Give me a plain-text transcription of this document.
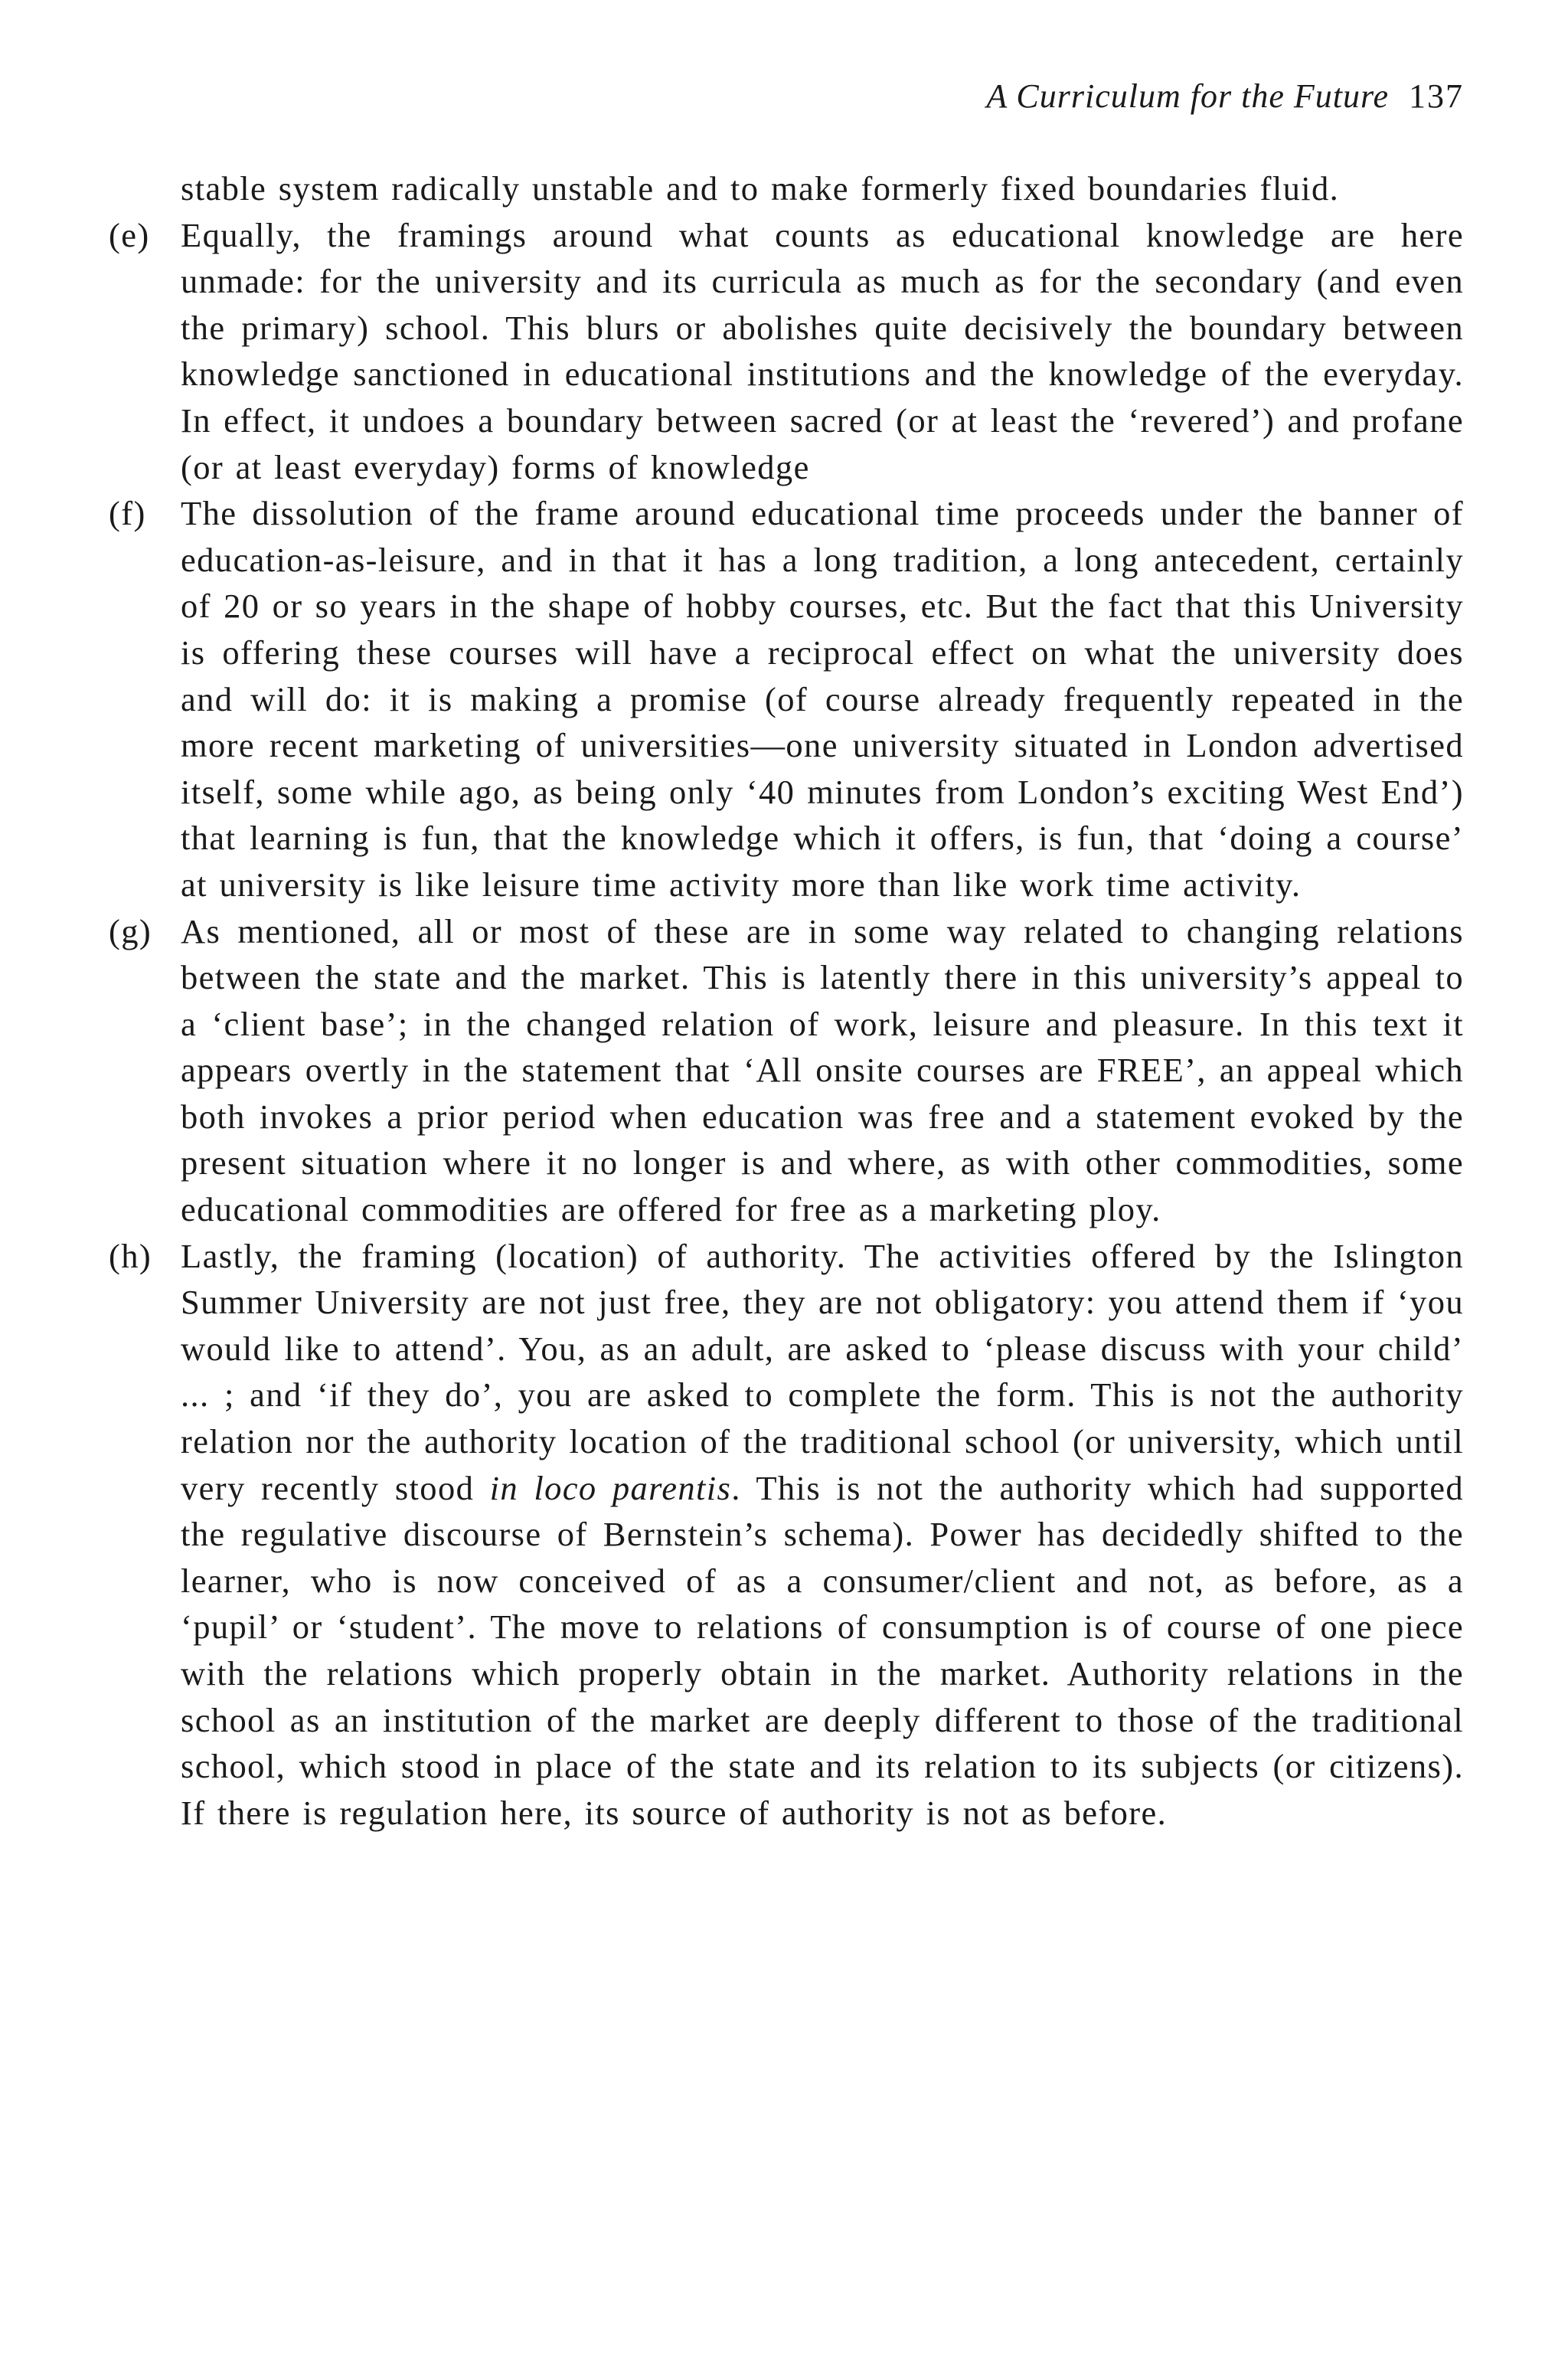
A Curriculum for the Future 137

stable system radically unstable and to make formerly fixed boundaries fluid.

(e) Equally, the framings around what counts as educational knowledge are here unmade: for the university and its curricula as much as for the secondary (and even the primary) school. This blurs or abolishes quite decisively the boundary between knowledge sanctioned in educational institutions and the knowledge of the everyday. In effect, it undoes a boundary between sacred (or at least the ‘revered’) and profane (or at least everyday) forms of knowledge

(f)	The dissolution of the frame around educational time proceeds under the banner of education-as-leisure, and in that it has a long tradition, a long antecedent, certainly of 20 or so years in the shape of hobby courses, etc. But the fact that this University is offering these courses will have a reciprocal effect on what the university does and will do: it is making a promise (of course already frequently repeated in the more recent marketing of universities—one university situated in London advertised itself, some while ago, as being only ‘40 minutes from London’s exciting West End’) that learning is fun, that the knowledge which it offers, is fun, that ‘doing a course’ at university is like leisure time activity more than like work time activity.

(g) As mentioned, all or most of these are in some way related to changing relations between the state and the market. This is latently there in this university’s appeal to a ‘client base’; in the changed relation of work, leisure and pleasure. In this text it appears overtly in the statement that ‘All onsite courses are FREE’, an appeal which both invokes a prior period when education was free and a statement evoked by the present situation where it no longer is and where, as with other commodities, some educational commodities are offered for free as a marketing ploy.

(h) Lastly, the framing (location) of authority. The activities offered by the Islington Summer University are not just free, they are not obligatory: you attend them if ‘you would like to attend’. You, as an adult, are asked to ‘please discuss with your child’ ... ; and ‘if they do’, you are asked to complete the form. This is not the authority relation nor the authority location of the traditional school (or university, which until very recently stood in loco parentis. This is not the authority which had supported the regulative discourse of Bernstein’s schema). Power has decidedly shifted to the learner, who is now conceived of as a consumer/client and not, as before, as a ‘pupil’ or ‘student’. The move to relations of consumption is of course of one piece with the relations which properly obtain in the market. Authority relations in the school as an institution of the market are deeply different to those of the traditional school, which stood in place of the state and its relation to its subjects (or citizens). If there is regulation here, its source of authority is not as before.
